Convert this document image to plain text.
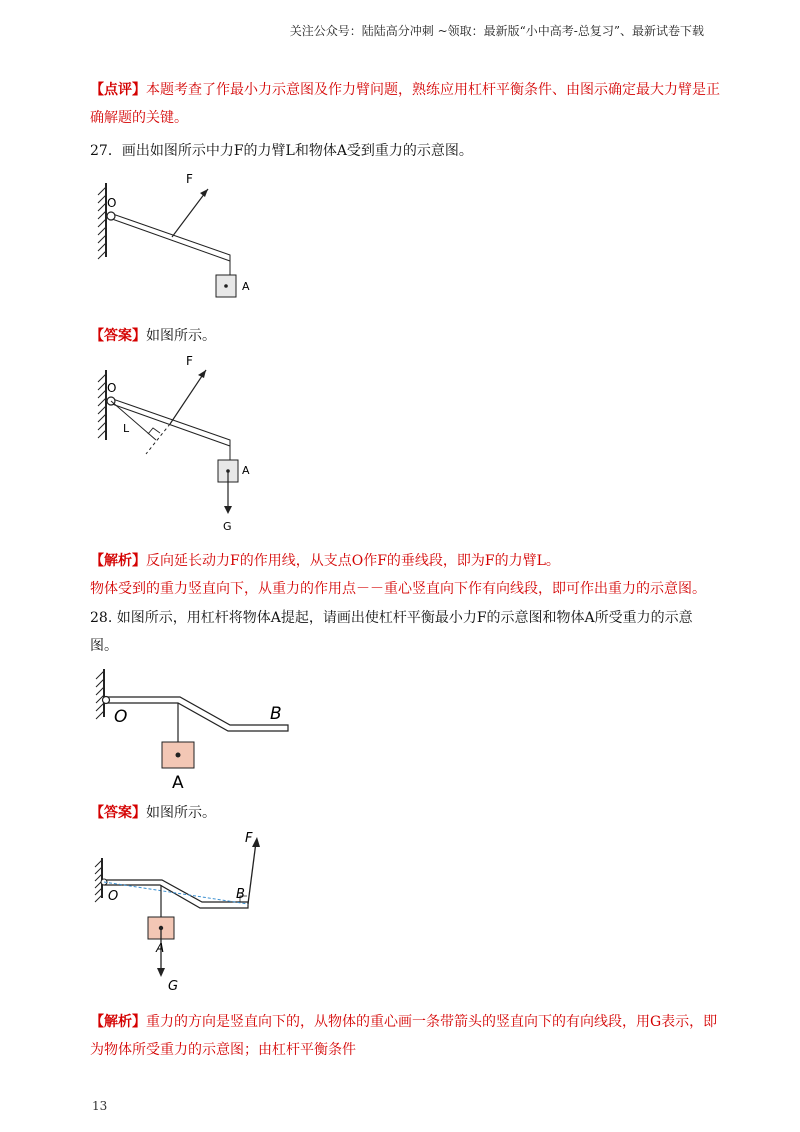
关注公众号：陆陆高分冲刺 ~领取：最新版“小中高考-总复习”、最新试卷下载
【点评】本题考查了作最小力示意图及作力臂问题，熟练应用杠杆平衡条件、由图示确定最大力臂是正确解题的关键。
27．画出如图所示中力F的力臂L和物体A受到重力的示意图。
O
F
A
【答案】如图所示。
O
F
L
A
G
【解析】反向延长动力F的作用线，从支点O作F的垂线段，即为F的力臂L。
物体受到的重力竖直向下，从重力的作用点－－重心竖直向下作有向线段，即可作出重力的示意图。
28. 如图所示，用杠杆将物体A提起，请画出使杠杆平衡最小力F的示意图和物体A所受重力的示意图。
O	B
A
【答案】如图所示。
O	B
F
A
G
【解析】重力的方向是竖直向下的，从物体的重心画一条带箭头的竖直向下的有向线段，用G表示，即为物体所受重力的示意图；由杠杆平衡条件
13
